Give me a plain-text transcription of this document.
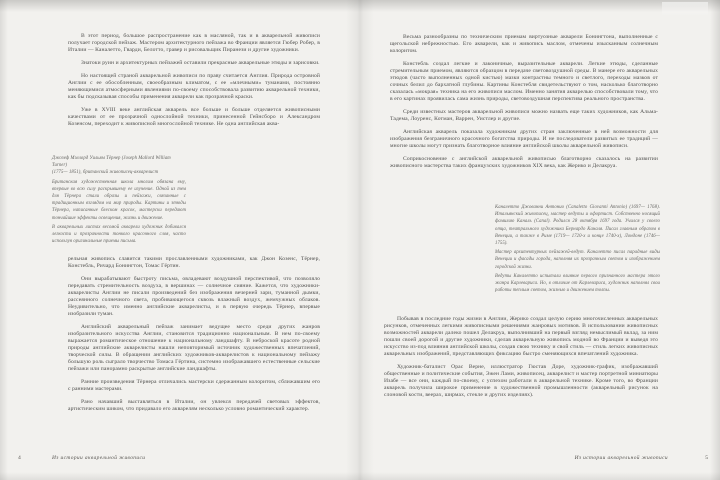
В этот период, большое распространение как в масляной, так и в акварельной живописи получает городской пейзаж. Мастером архитектурного пейзажа во Франции является Гюбер Робер, в Италии — Каналетто, Гварди, Белотто, гравер и рисовальщик Пиранези и другие художники.

Знатоки руин и архитектурных пейзажей оставили прекрасные акварельные этюды и зарисовки.

Но настоящей страной акварельной живописи по праву считается Англия. Природа островной Англии с ее обособленным, своеобразным климатом, с ее «млечными» туманами, постоянно меняющимися атмосферными явлениями по-своему способствовала развитию акварельной техники, как бы подсказывая способы применения акварели как прозрачной краски.

Уже в XVIII веке английская акварель все больше и больше отделяется живописными качествами от ее прозрачной однослойной техники, принесенной Гейнсборо и Александром Козенсом, переходит к живописной многослойной технике. Не одна английская аква-

Джозеф Мэллорд Уильям Тёрнер (Joseph Mallord William Turner)

(1775— 1851), британский живописец-акварелист

Британская художественная школа многим обязана ему, впервые во всю силу раскрывшему ее изучение. Одной из тем для Тёрнера стали образы и пейзажи, связанные с традиционным взглядом на мир природы. Картины и этюды Тёрнера, написанные блеском красок, мастерски передают тончайшие эффекты освещения, жизнь и движение.

В акварельных листах весомой акварели художник добивался легкости и прозрачности тонкого красочного слоя, часто используя оригинальные приемы письма.

рельная живопись славится такими прославленными художниками, как Джон Козенс, Тёрнер, Констебль, Ричард Бонингтон, Томас Гёртин.

Они вырабатывают быстроту письма, овладевают воздушной перспективой, что позволяло передавать стремительность воздуха, в вершинах — солнечное сияние. Кажется, что художники-акварелисты Англии не писали произведений без изображения вечерней зари, туманной дымки, рассеянного солнечного света, пробивающегося сквозь влажный воздух, жемчужных облаков. Неудивительно, что именно английские акварелисты, и в первую очередь Тёрнер, впервые изобразили туман.

Английский акварельный пейзаж занимает ведущее место среди других жанров изобразительного искусства Англии, становится традиционно национальным. В нем по-своему выражается романтическое отношение к национальному ландшафту. В неброской красоте родной природы английские акварелисты нашли неповторимый источник художественных впечатлений, творческой силы. В обращении английских художников-акварелистов к национальному пейзажу большую роль сыграло творчество Томаса Гёртина, системно изображавшего естественные сельские пейзажи или панорамно раскрытые английские ландшафты.

Ранние произведения Тёрнера отличались мастерски сдержанным колоритом, сближавшим его с ранними мастерами.

Рано начавший выставляться в Италии, он увлекся передачей световых эффектов, артистическим шиком, что придавало его акварелям несколько условно романтический характер.

4	Из истории акварельной живописи

Весьма разнообразны по техническим приемам виртуозные акварели Бонингтона, выполненные с щегольской небрежностью. Его акварели, как и живопись маслом, отмечены изысканным солнечным колоритом.

Констебль создал легкие и лаконичные, выразительные акварели. Легкие этюды, сделанные стремительным приемом, являются образцом в передаче световоздушной среды. В манере его акварельных этюдов (часто выполненных одной кистью) мазки контрастны темного и светлого, переходы мазков от сочных белил до бархатной глубины. Картины Констебля свидетельствуют о том, насколько благотворно сказалась «мокрая» техника на его живописи маслом. Именно занятия акварелью способствовали тому, что в его картинах проявилась сама жизнь природы, световоздушная перспектива реального пространства.

Среди известных мастеров акварельной живописи можно назвать еще таких художников, как Альма-Тадема, Лоуренс, Котман, Варрен, Уистлер и другие.

Английская акварель показала художникам других стран заключенные в ней возможности для изображения безграничного красочного богатства природы. И не последователи развитых ее традиций — многие школы могут признать благотворное влияние английской школы акварельной живописи.

Соприкосновение с английской акварельной живописью благотворно сказалось на развитии живописного мастерства таких французских художников XIX века, как Жерико и Делакруа.

Каналетто Джованни Антонио (Canaletto Giovanni Antonio) (1697— 1768). Итальянский живописец, мастер ведуты и офортист. Собственно носящий фамилию Каналь (Canal). Родился 28 октября 1697 года. Учился у своего отца, театрального художника Бернардо Каналя. Писал главным образом в Венеции, а также в Риме (1719— 1720-х и конце 1740-х), Лондоне (1746— 1755).

Мастер архитектурных пейзажей-ведут. Каналетто писал парадные виды Венеции и фасады города, наполняя их прозрачным светом и изображением городской жизни.

Ведуты Каналетто испытали влияние первого признанного мастера этого жанра Карлевариса. Но, в отличие от Карлевариса, художник наполнял свои работы теплым светом, жизнью и движением толпы.

Побывав в последние годы жизни в Англии, Жерико создал целую серию многочисленных акварельных рисунков, отмеченных легкими живописными решениями жанровых мотивов. В использовании живописных возможностей акварели далеко пошел Делакруа, выполнивший на первый взгляд немыслимый вклад, за ним пошли своей дорогой и другие художники, сделав акварельную живопись модной во Франции и выведя это искусство из-под влияния английской школы, создав свою технику и свой стиль — стиль легких живописных акварельных изображений, представляющих фиксацию быстро сменяющихся впечатлений художника.

Художник-баталист Орас Верне, иллюстратор Гюстав Доре, художник-график, изображавший общественные и политические события, Эжен Лами, живописец, акварелист и мастер портретной миниатюры Изабе — все они, каждый по-своему, с успехом работали в акварельной технике. Кроме того, во Франции акварель получила широкое применение в художественной промышленности (акварельный рисунок на слоновой кости, веерах, ширмах, стекле и других изделиях).

Из истории акварельной живописи	5
